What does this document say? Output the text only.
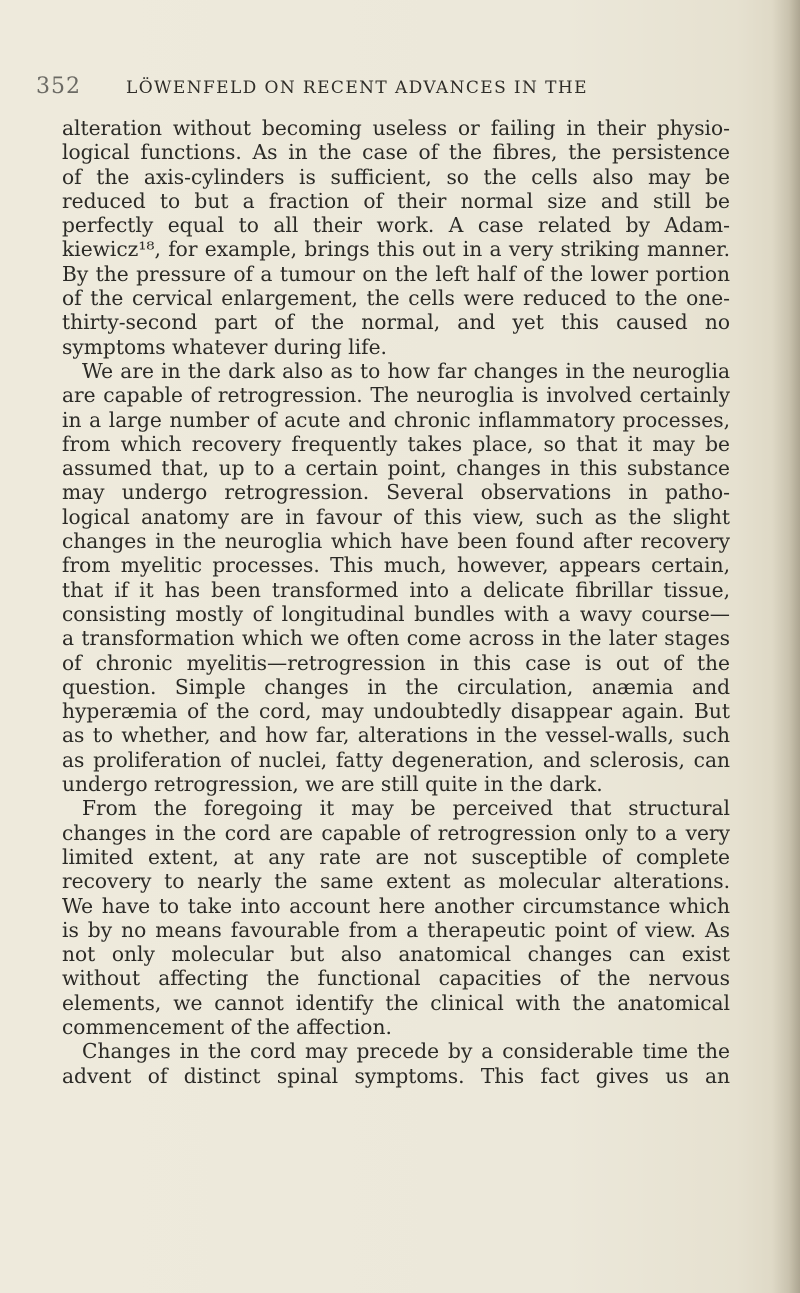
352	LÖWENFELD ON RECENT ADVANCES IN THE
alteration without becoming useless or failing in their physio-
logical functions. As in the case of the fibres, the persistence
of the axis-cylinders is sufficient, so the cells also may be
reduced to but a fraction of their normal size and still be
perfectly equal to all their work. A case related by Adam-
kiewicz¹⁸, for example, brings this out in a very striking manner.
By the pressure of a tumour on the left half of the lower portion
of the cervical enlargement, the cells were reduced to the one-
thirty-second part of the normal, and yet this caused no
symptoms whatever during life.
We are in the dark also as to how far changes in the neuroglia
are capable of retrogression. The neuroglia is involved certainly
in a large number of acute and chronic inflammatory processes,
from which recovery frequently takes place, so that it may be
assumed that, up to a certain point, changes in this substance
may undergo retrogression. Several observations in patho-
logical anatomy are in favour of this view, such as the slight
changes in the neuroglia which have been found after recovery
from myelitic processes. This much, however, appears certain,
that if it has been transformed into a delicate fibrillar tissue,
consisting mostly of longitudinal bundles with a wavy course—
a transformation which we often come across in the later stages
of chronic myelitis—retrogression in this case is out of the
question. Simple changes in the circulation, anæmia and
hyperæmia of the cord, may undoubtedly disappear again. But
as to whether, and how far, alterations in the vessel-walls, such
as proliferation of nuclei, fatty degeneration, and sclerosis, can
undergo retrogression, we are still quite in the dark.
From the foregoing it may be perceived that structural
changes in the cord are capable of retrogression only to a very
limited extent, at any rate are not susceptible of complete
recovery to nearly the same extent as molecular alterations.
We have to take into account here another circumstance which
is by no means favourable from a therapeutic point of view. As
not only molecular but also anatomical changes can exist
without affecting the functional capacities of the nervous
elements, we cannot identify the clinical with the anatomical
commencement of the affection.
Changes in the cord may precede by a considerable time the
advent of distinct spinal symptoms. This fact gives us an
